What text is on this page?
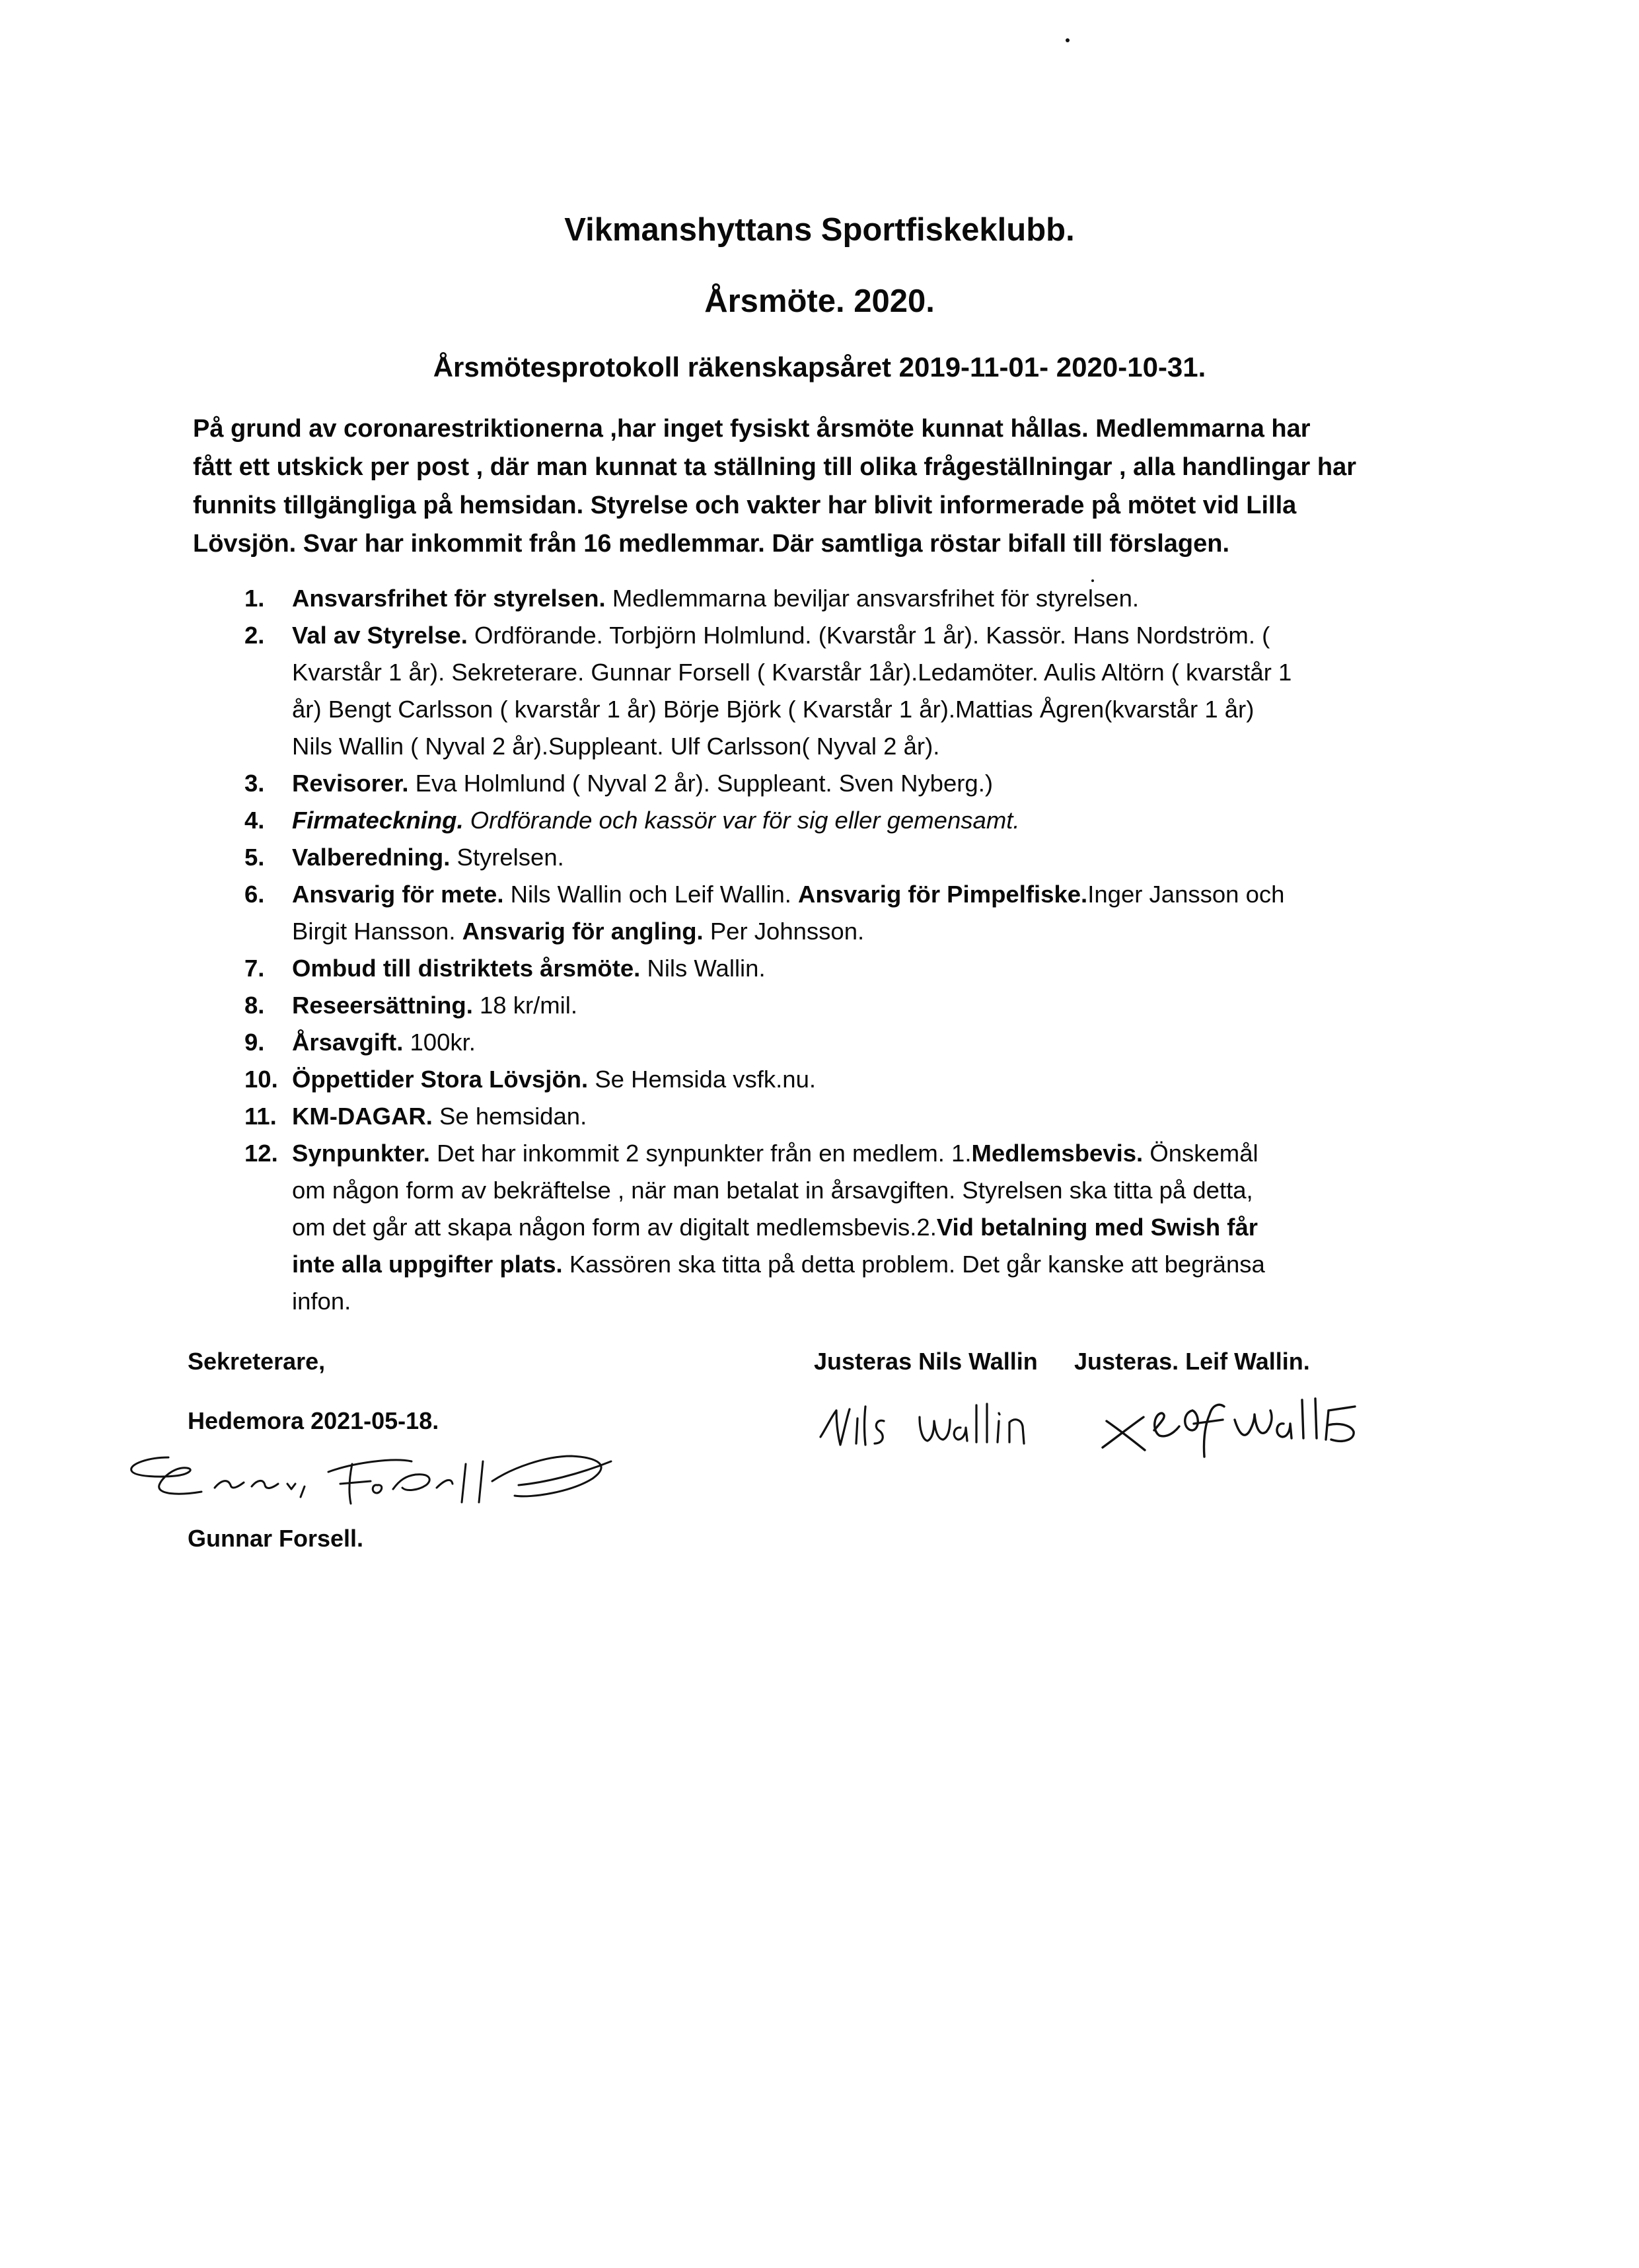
Vikmanshyttans Sportfiskeklubb.
Årsmöte. 2020.
Årsmötesprotokoll räkenskapsåret 2019-11-01- 2020-10-31.

På grund av coronarestriktionerna ,har inget fysiskt årsmöte kunnat hållas. Medlemmarna har

fått ett utskick per post , där man kunnat ta ställning till olika frågeställningar , alla handlingar har

funnits tillgängliga på hemsidan. Styrelse och vakter har blivit informerade på mötet vid Lilla

Lövsjön. Svar har inkommit från 16 medlemmar. Där samtliga röstar bifall till förslagen.

1.	Ansvarsfrihet för styrelsen. Medlemmarna beviljar ansvarsfrihet för styrelsen.
2.	Val av Styrelse. Ordförande. Torbjörn Holmlund. (Kvarstår 1 år). Kassör. Hans Nordström. (
Kvarstår 1 år). Sekreterare. Gunnar Forsell ( Kvarstår 1år).Ledamöter. Aulis Altörn ( kvarstår 1
år) Bengt Carlsson ( kvarstår 1 år) Börje Björk ( Kvarstår 1 år).Mattias Ågren(kvarstår 1 år)
Nils Wallin ( Nyval 2 år).Suppleant. Ulf Carlsson( Nyval 2 år).
3.	Revisorer. Eva Holmlund ( Nyval 2 år). Suppleant. Sven Nyberg.)
4.	Firmateckning. Ordförande och kassör var för sig eller gemensamt.
5.	Valberedning. Styrelsen.
6.	Ansvarig för mete. Nils Wallin och Leif Wallin. Ansvarig för Pimpelfiske.Inger Jansson och
Birgit Hansson. Ansvarig för angling. Per Johnsson.
7.	Ombud till distriktets årsmöte. Nils Wallin.
8.	Reseersättning. 18 kr/mil.
9.	Årsavgift. 100kr.
10. Öppettider Stora Lövsjön. Se Hemsida vsfk.nu.
11. KM-DAGAR. Se hemsidan.
12. Synpunkter. Det har inkommit 2 synpunkter från en medlem. 1.Medlemsbevis. Önskemål
om någon form av bekräftelse , när man betalat in årsavgiften. Styrelsen ska titta på detta,
om det går att skapa någon form av digitalt medlemsbevis.2.Vid betalning med Swish får
inte alla uppgifter plats. Kassören ska titta på detta problem. Det går kanske att begränsa
infon.
Sekreterare,	Justeras Nils Wallin Justeras. Leif Wallin.
Hedemora 2021-05-18.
Gunnar Forsell.
